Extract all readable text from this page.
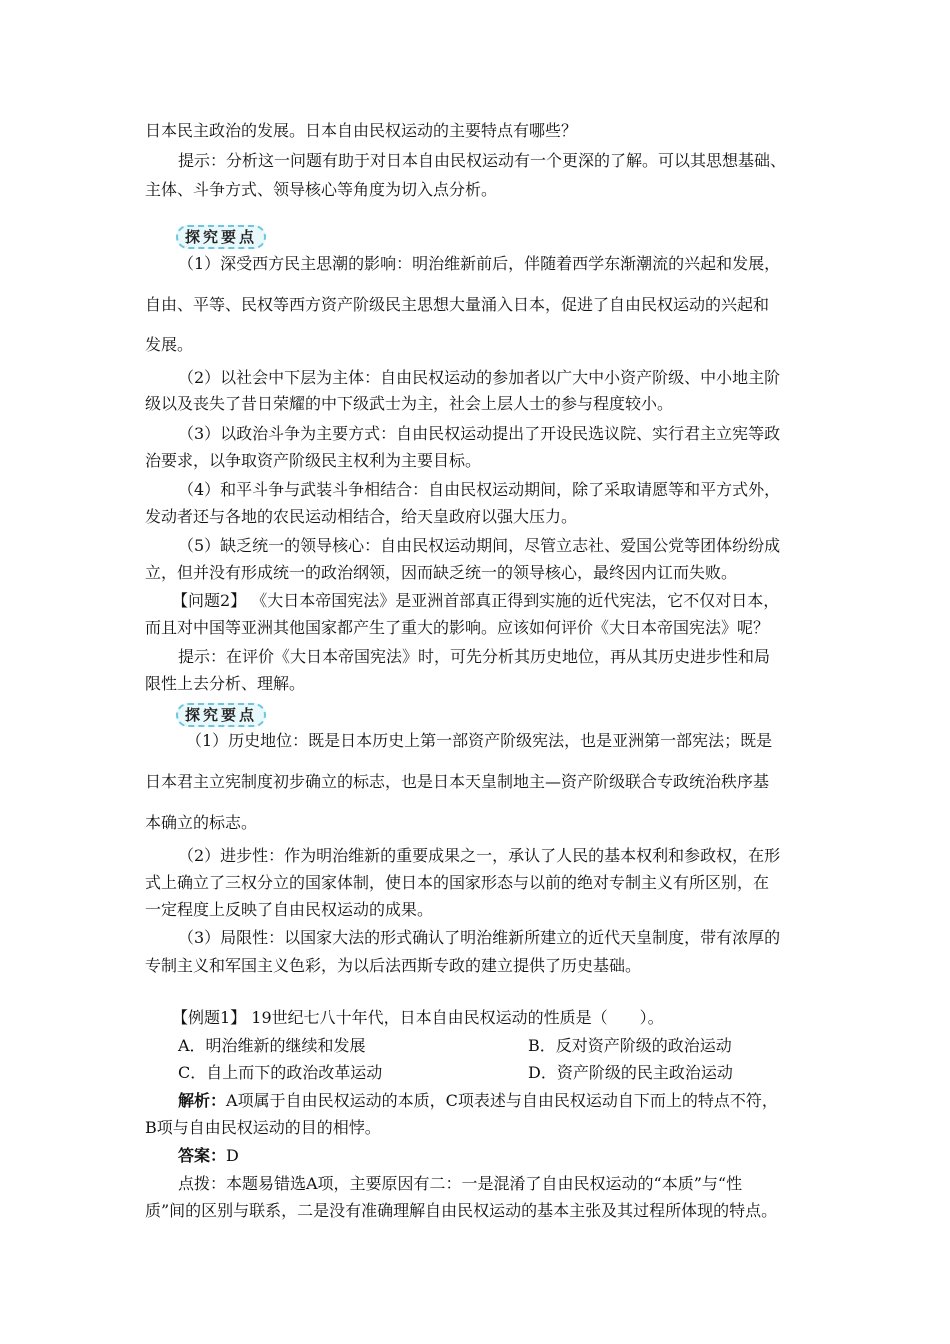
日本民主政治的发展。日本自由民权运动的主要特点有哪些？
提示：分析这一问题有助于对日本自由民权运动有一个更深的了解。可以其思想基础、
主体、斗争方式、领导核心等角度为切入点分析。
探究要点
（1）深受西方民主思潮的影响：明治维新前后，伴随着西学东渐潮流的兴起和发展，
自由、平等、民权等西方资产阶级民主思想大量涌入日本，促进了自由民权运动的兴起和
发展。
（2）以社会中下层为主体：自由民权运动的参加者以广大中小资产阶级、中小地主阶
级以及丧失了昔日荣耀的中下级武士为主，社会上层人士的参与程度较小。
（3）以政治斗争为主要方式：自由民权运动提出了开设民选议院、实行君主立宪等政
治要求，以争取资产阶级民主权利为主要目标。
（4）和平斗争与武装斗争相结合：自由民权运动期间，除了采取请愿等和平方式外，
发动者还与各地的农民运动相结合，给天皇政府以强大压力。
（5）缺乏统一的领导核心：自由民权运动期间，尽管立志社、爱国公党等团体纷纷成
立，但并没有形成统一的政治纲领，因而缺乏统一的领导核心，最终因内讧而失败。
【问题2】 《大日本帝国宪法》是亚洲首部真正得到实施的近代宪法，它不仅对日本，
而且对中国等亚洲其他国家都产生了重大的影响。应该如何评价《大日本帝国宪法》呢？
提示：在评价《大日本帝国宪法》时，可先分析其历史地位，再从其历史进步性和局
限性上去分析、理解。
探究要点
（1）历史地位：既是日本历史上第一部资产阶级宪法，也是亚洲第一部宪法；既是
日本君主立宪制度初步确立的标志，也是日本天皇制地主—资产阶级联合专政统治秩序基
本确立的标志。
（2）进步性：作为明治维新的重要成果之一，承认了人民的基本权利和参政权，在形
式上确立了三权分立的国家体制，使日本的国家形态与以前的绝对专制主义有所区别，在
一定程度上反映了自由民权运动的成果。
（3）局限性：以国家大法的形式确认了明治维新所建立的近代天皇制度，带有浓厚的
专制主义和军国主义色彩，为以后法西斯专政的建立提供了历史基础。
【例题1】 19世纪七八十年代，日本自由民权运动的性质是（　　）。
A．明治维新的继续和发展	B．反对资产阶级的政治运动
C．自上而下的政治改革运动	D．资产阶级的民主政治运动
解析：A项属于自由民权运动的本质，C项表述与自由民权运动自下而上的特点不符，
B项与自由民权运动的目的相悖。
答案：D
点拨：本题易错选A项，主要原因有二：一是混淆了自由民权运动的“本质”与“性
质”间的区别与联系，二是没有准确理解自由民权运动的基本主张及其过程所体现的特点。
